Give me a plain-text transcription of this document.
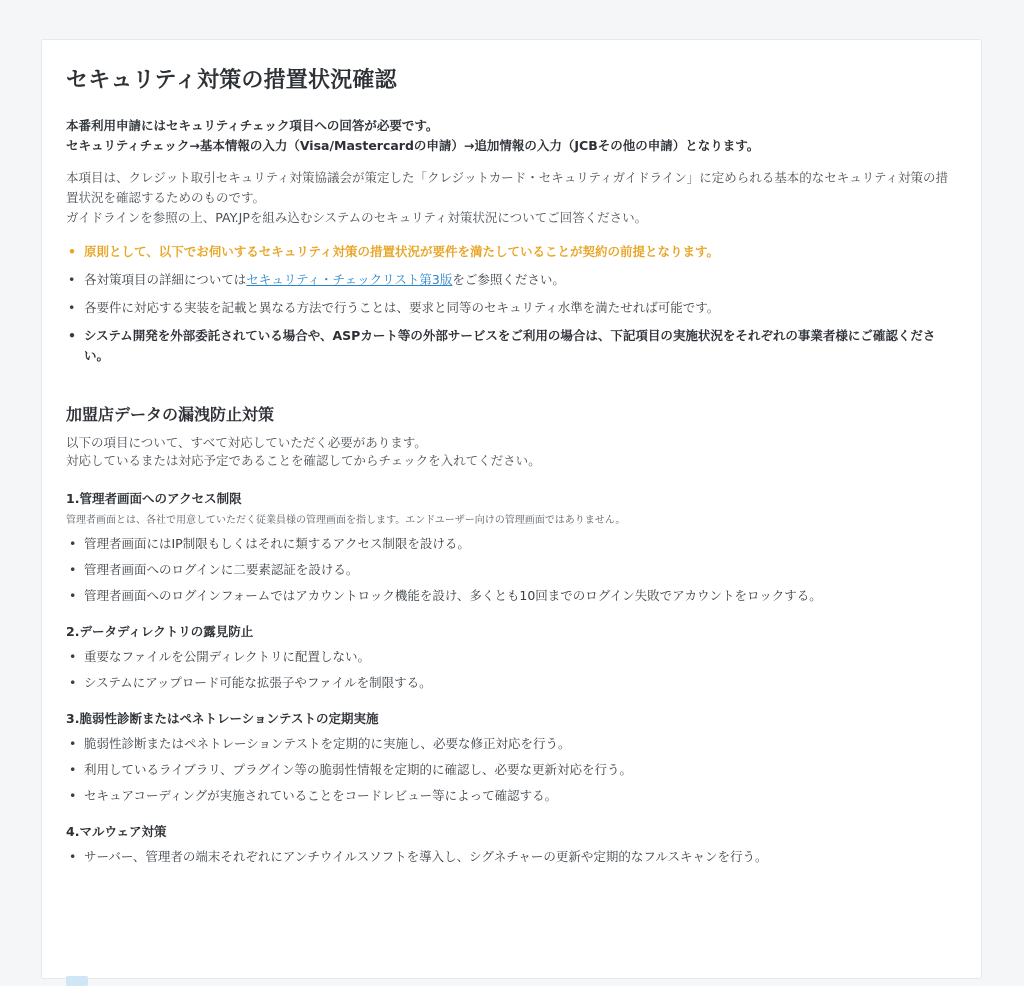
セキュリティ対策の措置状況確認
本番利用申請にはセキュリティチェック項目への回答が必要です。
セキュリティチェック→基本情報の入力（Visa/Mastercardの申請）→追加情報の入力（JCBその他の申請）となります。
本項目は、クレジット取引セキュリティ対策協議会が策定した「クレジットカード・セキュリティガイドライン」に定められる基本的なセキュリティ対策の措置状況を確認するためのものです。
ガイドラインを参照の上、PAY.JPを組み込むシステムのセキュリティ対策状況についてご回答ください。
• 原則として、以下でお伺いするセキュリティ対策の措置状況が要件を満たしていることが契約の前提となります。
• 各対策項目の詳細についてはセキュリティ・チェックリスト第3版をご参照ください。
• 各要件に対応する実装を記載と異なる方法で行うことは、要求と同等のセキュリティ水準を満たせれば可能です。
• システム開発を外部委託されている場合や、ASPカート等の外部サービスをご利用の場合は、下記項目の実施状況をそれぞれの事業者様にご確認ください。
加盟店データの漏洩防止対策
以下の項目について、すべて対応していただく必要があります。
対応しているまたは対応予定であることを確認してからチェックを入れてください。
1.管理者画面へのアクセス制限
管理者画面とは、各社で用意していただく従業員様の管理画面を指します。エンドユーザー向けの管理画面ではありません。
• 管理者画面にはIP制限もしくはそれに類するアクセス制限を設ける。
• 管理者画面へのログインに二要素認証を設ける。
• 管理者画面へのログインフォームではアカウントロック機能を設け、多くとも10回までのログイン失敗でアカウントをロックする。
2.データディレクトリの露見防止
• 重要なファイルを公開ディレクトリに配置しない。
• システムにアップロード可能な拡張子やファイルを制限する。
3.脆弱性診断またはペネトレーションテストの定期実施
• 脆弱性診断またはペネトレーションテストを定期的に実施し、必要な修正対応を行う。
• 利用しているライブラリ、プラグイン等の脆弱性情報を定期的に確認し、必要な更新対応を行う。
• セキュアコーディングが実施されていることをコードレビュー等によって確認する。
4.マルウェア対策
• サーバー、管理者の端末それぞれにアンチウイルスソフトを導入し、シグネチャーの更新や定期的なフルスキャンを行う。
